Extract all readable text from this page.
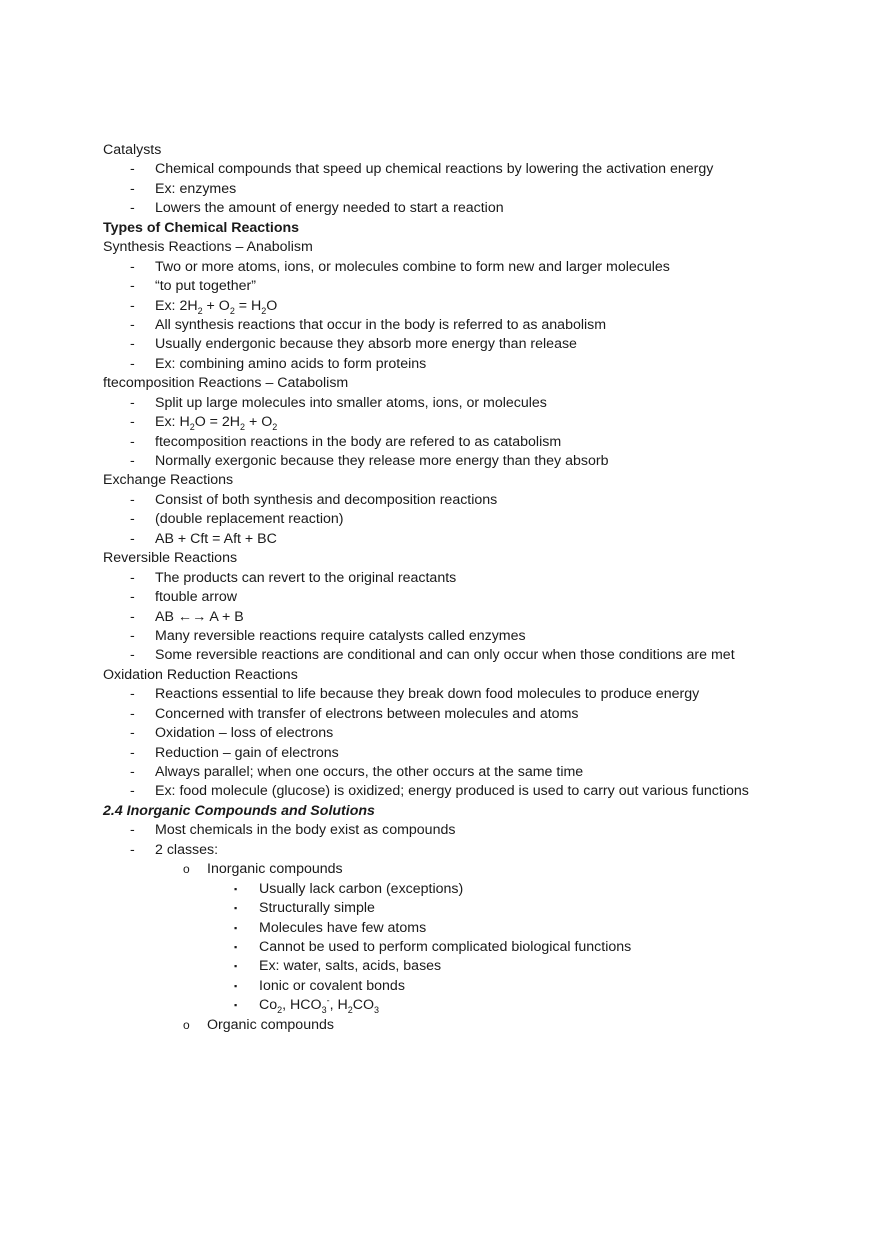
Catalysts
- Chemical compounds that speed up chemical reactions by lowering the activation energy
- Ex: enzymes
- Lowers the amount of energy needed to start a reaction
Types of Chemical Reactions
Synthesis Reactions – Anabolism
- Two or more atoms, ions, or molecules combine to form new and larger molecules
- “to put together”
- Ex: $2H_2 + O_2 = H_2O$
- All synthesis reactions that occur in the body is referred to as anabolism
- Usually endergonic because they absorb more energy than release
- Ex: combining amino acids to form proteins
ftecomposition Reactions – Catabolism
- Split up large molecules into smaller atoms, ions, or molecules
- Ex: $H_2O = 2H_2 + O_2$
- ftecomposition reactions in the body are refered to as catabolism
- Normally exergonic because they release more energy than they absorb
Exchange Reactions
- Consist of both synthesis and decomposition reactions
- (double replacement reaction)
- AB + Cft = Aft + BC
Reversible Reactions
- The products can revert to the original reactants
- ftouble arrow
- AB ←→ A + B
- Many reversible reactions require catalysts called enzymes
- Some reversible reactions are conditional and can only occur when those conditions are met
Oxidation Reduction Reactions
- Reactions essential to life because they break down food molecules to produce energy
- Concerned with transfer of electrons between molecules and atoms
- Oxidation – loss of electrons
- Reduction – gain of electrons
- Always parallel; when one occurs, the other occurs at the same time
- Ex: food molecule (glucose) is oxidized; energy produced is used to carry out various functions
2.4 Inorganic Compounds and Solutions
- Most chemicals in the body exist as compounds
- 2 classes:
o Inorganic compounds
▪ Usually lack carbon (exceptions)
▪ Structurally simple
▪ Molecules have few atoms
▪ Cannot be used to perform complicated biological functions
▪ Ex: water, salts, acids, bases
▪ Ionic or covalent bonds
▪ $Co_2$, $HCO_3^-$, $H_2CO_3$
o Organic compounds
